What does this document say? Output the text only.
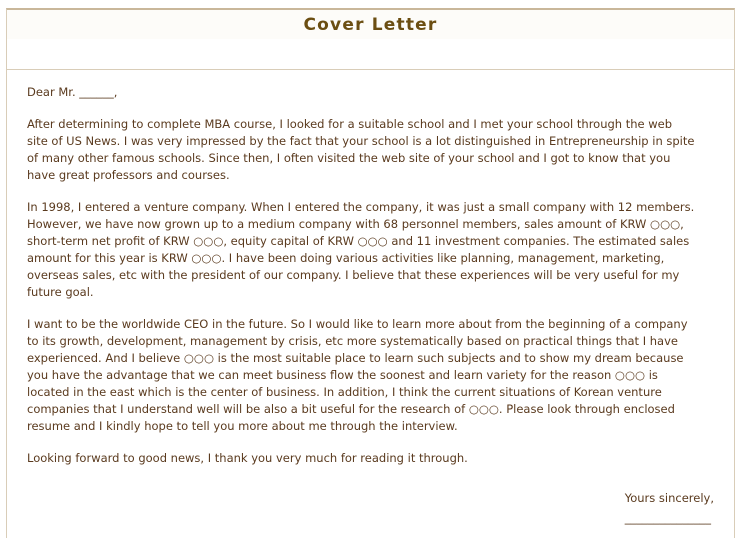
Cover Letter

Dear Mr. ______,

After determining to complete MBA course, I looked for a suitable school and I met your school through the web site of US News. I was very impressed by the fact that your school is a lot distinguished in Entrepreneurship in spite of many other famous schools. Since then, I often visited the web site of your school and I got to know that you have great professors and courses.

In 1998, I entered a venture company. When I entered the company, it was just a small company with 12 members. However, we have now grown up to a medium company with 68 personnel members, sales amount of KRW ○○○, short-term net profit of KRW ○○○, equity capital of KRW ○○○ and 11 investment companies. The estimated sales amount for this year is KRW ○○○. I have been doing various activities like planning, management, marketing, overseas sales, etc with the president of our company. I believe that these experiences will be very useful for my future goal.

I want to be the worldwide CEO in the future. So I would like to learn more about from the beginning of a company to its growth, development, management by crisis, etc more systematically based on practical things that I have experienced. And I believe ○○○ is the most suitable place to learn such subjects and to show my dream because you have the advantage that we can meet business flow the soonest and learn variety for the reason ○○○ is located in the east which is the center of business. In addition, I think the current situations of Korean venture companies that I understand well will be also a bit useful for the research of ○○○. Please look through enclosed resume and I kindly hope to tell you more about me through the interview.

Looking forward to good news, I thank you very much for reading it through.

Yours sincerely,
_______________
